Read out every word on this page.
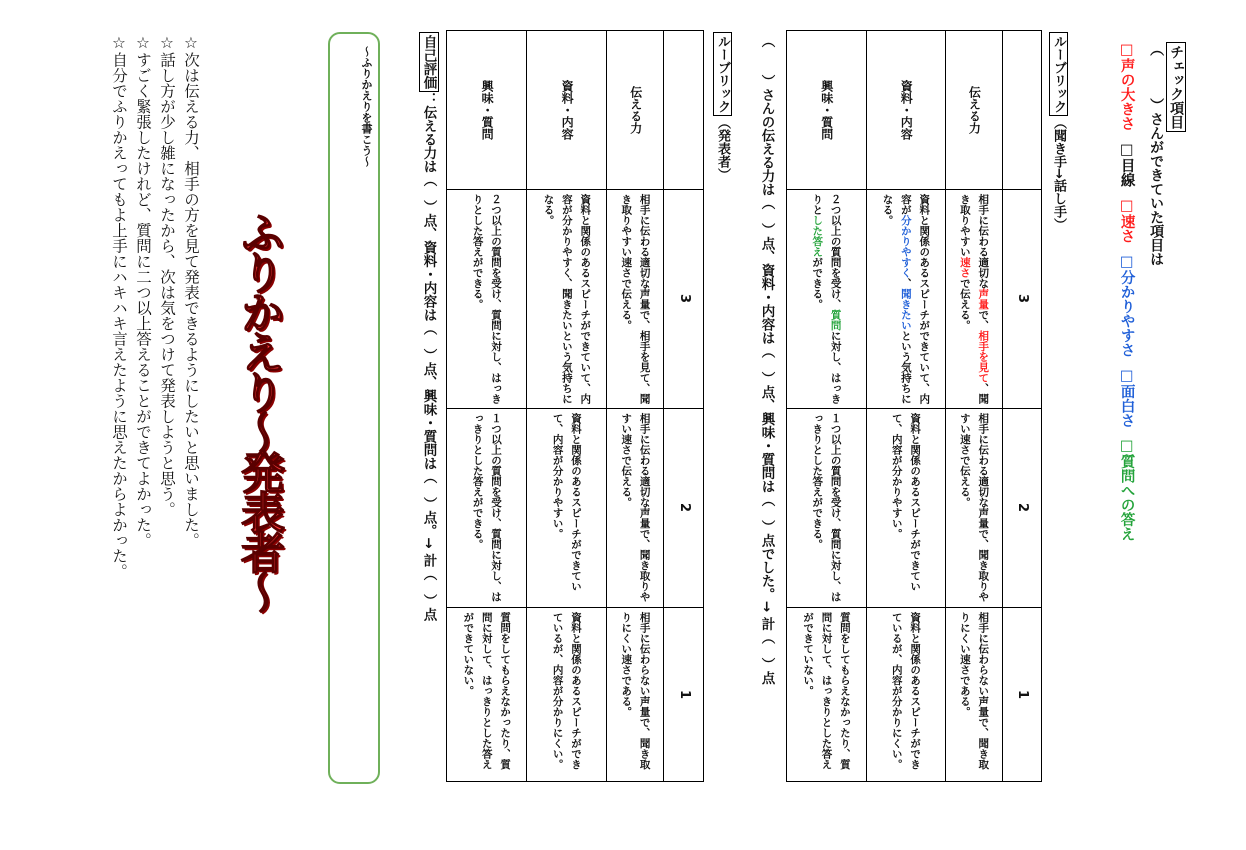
チェック項目
（　　　）さんができていた項目は
□声の大きさ □目線 □速さ □分かりやすさ □面白さ □質問への答え
ルーブリック（聞き手→話し手）
	3	2	1
伝える力	相手に伝わる適切な声量で、相手を見て、聞き取りやすい速さで伝える。	相手に伝わる適切な声量で、聞き取りやすい速さで伝える。	相手に伝わらない声量で、聞き取りにくい速さである。
資料・内容	資料と関係のあるスピーチができていて、内容が分かりやすく、聞きたいという気持ちになる。	資料と関係のあるスピーチができていて、内容が分かりやすい。	資料と関係のあるスピーチができているが、内容が分かりにくい。
興味・質問	２つ以上の質問を受け、質問に対し、はっきりとした答えができる。	１つ以上の質問を受け、質問に対し、はっきりとした答えができる。	質問をしてもらえなかったり、質問に対して、はっきりとした答えができていない。
（　　）さんの伝える力は（　）点、資料・内容は（　）点、興味・質問は（　）点でした。→ 計（　）点
ルーブリック（発表者）
	3	2	1
伝える力	相手に伝わる適切な声量で、相手を見て、聞き取りやすい速さで伝える。	相手に伝わる適切な声量で、聞き取りやすい速さで伝える。	相手に伝わらない声量で、聞き取りにくい速さである。
資料・内容	資料と関係のあるスピーチができていて、内容が分かりやすく、聞きたいという気持ちになる。	資料と関係のあるスピーチができていて、内容が分かりやすい。	資料と関係のあるスピーチができているが、内容が分かりにくい。
興味・質問	２つ以上の質問を受け、質問に対し、はっきりとした答えができる。	１つ以上の質問を受け、質問に対し、はっきりとした答えができる。	質問をしてもらえなかったり、質問に対して、はっきりとした答えができていない。
自己評価：伝える力は（　）点、資料・内容は（　）点、興味・質問は（　）点。→ 計（　）点
～ふりかえりを書こう～
ふりかえり～発表者～
☆次は伝える力、相手の方を見て発表できるようにしたいと思いました。
☆話し方が少し雑になったから、次は気をつけて発表しようと思う。
☆すごく緊張したけれど、質問に二つ以上答えることができてよかった。
☆自分でふりかえってもよ上手にハキハキ言えたように思えたからよかった。
